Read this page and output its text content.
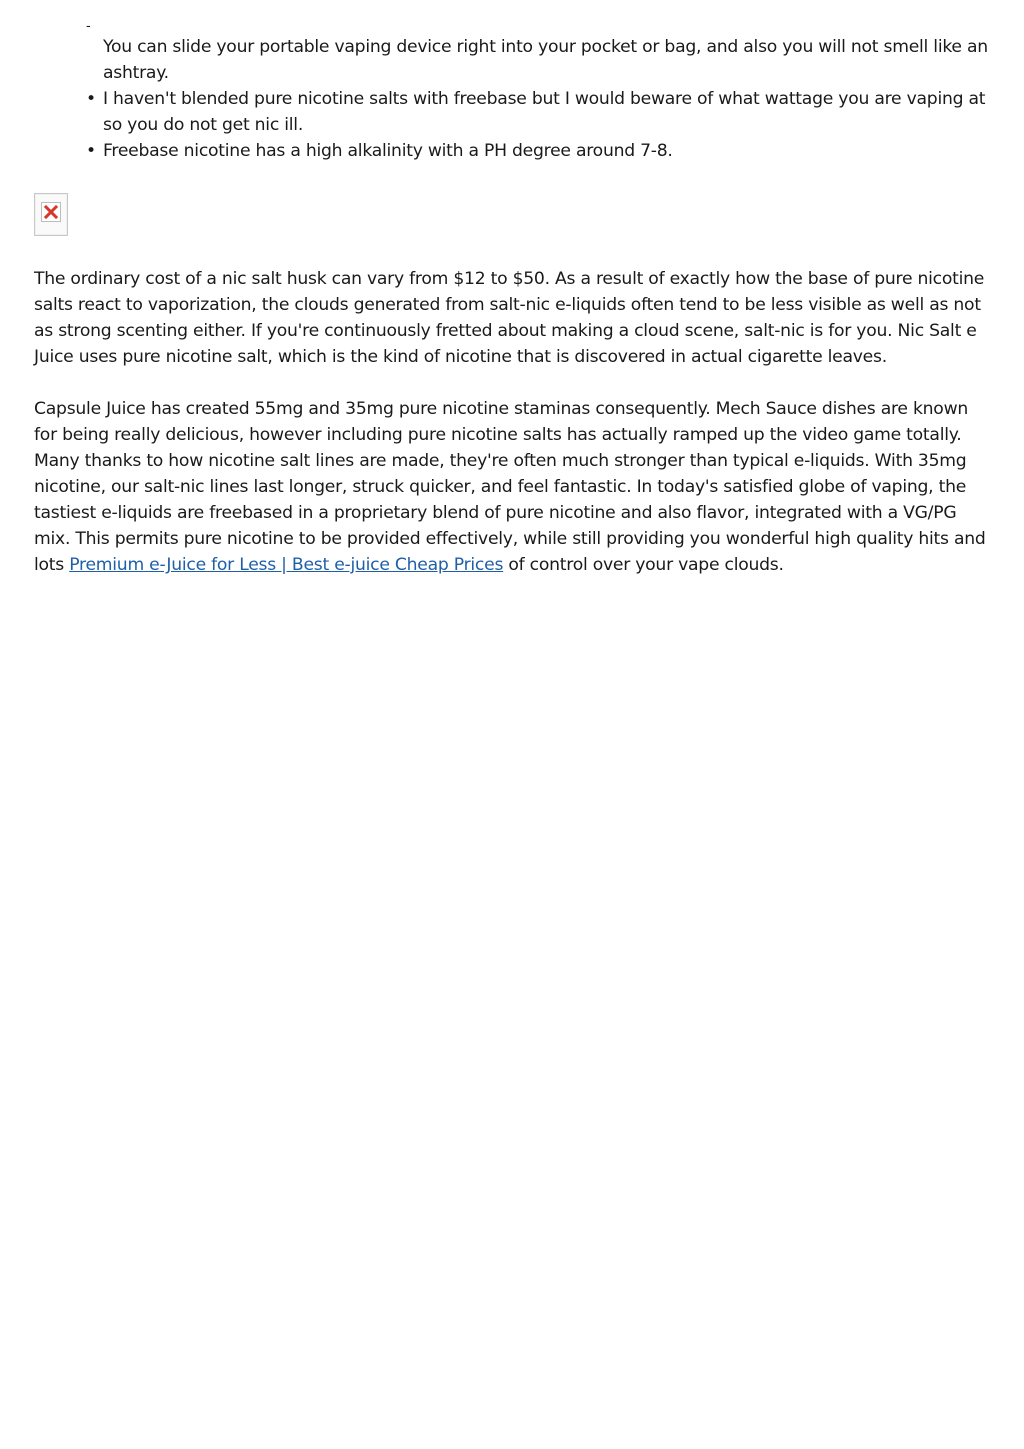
-
You can slide your portable vaping device right into your pocket or bag, and also you will not smell like an ashtray.
• I haven't blended pure nicotine salts with freebase but I would beware of what wattage you are vaping at so you do not get nic ill.
• Freebase nicotine has a high alkalinity with a PH degree around 7-8.

The ordinary cost of a nic salt husk can vary from $12 to $50. As a result of exactly how the base of pure nicotine salts react to vaporization, the clouds generated from salt-nic e-liquids often tend to be less visible as well as not as strong scenting either. If you're continuously fretted about making a cloud scene, salt-nic is for you. Nic Salt e Juice uses pure nicotine salt, which is the kind of nicotine that is discovered in actual cigarette leaves.

Capsule Juice has created 55mg and 35mg pure nicotine staminas consequently. Mech Sauce dishes are known for being really delicious, however including pure nicotine salts has actually ramped up the video game totally. Many thanks to how nicotine salt lines are made, they're often much stronger than typical e-liquids. With 35mg nicotine, our salt-nic lines last longer, struck quicker, and feel fantastic. In today's satisfied globe of vaping, the tastiest e-liquids are freebased in a proprietary blend of pure nicotine and also flavor, integrated with a VG/PG mix. This permits pure nicotine to be provided effectively, while still providing you wonderful high quality hits and lots Premium e-Juice for Less | Best e-juice Cheap Prices of control over your vape clouds.
